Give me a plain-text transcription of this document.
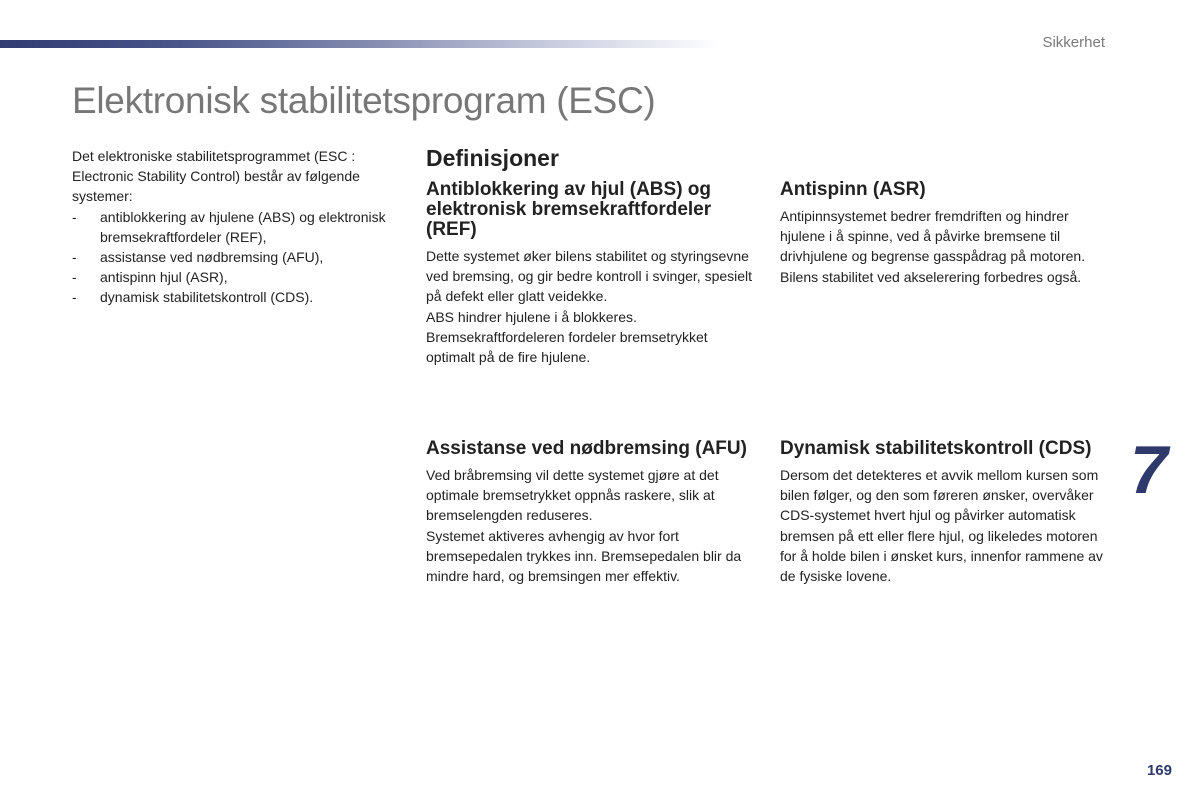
Sikkerhet
Elektronisk stabilitetsprogram (ESC)

Det elektroniske stabilitetsprogrammet (ESC : Electronic Stability Control) består av følgende systemer:

- antiblokkering av hjulene (ABS) og elektronisk bremsekraftfordeler (REF),
- assistanse ved nødbremsing (AFU),
- antispinn hjul (ASR),
- dynamisk stabilitetskontroll (CDS).
Definisjoner
Antiblokkering av hjul (ABS) og elektronisk bremsekraftfordeler (REF)

Dette systemet øker bilens stabilitet og styringsevne ved bremsing, og gir bedre kontroll i svinger, spesielt på defekt eller glatt veidekke.

ABS hindrer hjulene i å blokkeres.

Bremsekraftfordeleren fordeler bremsetrykket optimalt på de fire hjulene.

Antispinn (ASR)

Antipinnsystemet bedrer fremdriften og hindrer hjulene i å spinne, ved å påvirke bremsene til drivhjulene og begrense gasspådrag på motoren. Bilens stabilitet ved akselerering forbedres også.

Assistanse ved nødbremsing (AFU)

Ved bråbremsing vil dette systemet gjøre at det optimale bremsetrykket oppnås raskere, slik at bremselengden reduseres.

Systemet aktiveres avhengig av hvor fort bremsepedalen trykkes inn. Bremsepedalen blir da mindre hard, og bremsingen mer effektiv.

Dynamisk stabilitetskontroll (CDS)

Dersom det detekteres et avvik mellom kursen som bilen følger, og den som føreren ønsker, overvåker CDS-systemet hvert hjul og påvirker automatisk bremsen på ett eller flere hjul, og likeledes motoren for å holde bilen i ønsket kurs, innenfor rammene av de fysiske lovene.

7
169
